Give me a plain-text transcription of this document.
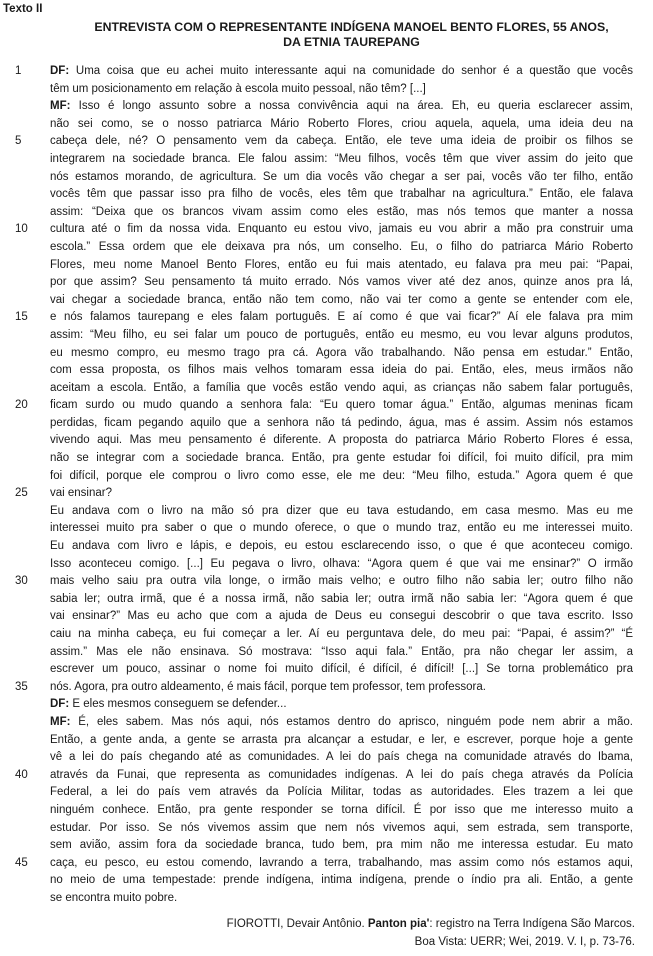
Texto II
ENTREVISTA COM O REPRESENTANTE INDÍGENA MANOEL BENTO FLORES, 55 ANOS,
DA ETNIA TAUREPANG
1	DF: Uma coisa que eu achei muito interessante aqui na comunidade do senhor é a questão que vocês
têm um posicionamento em relação à escola muito pessoal, não têm? [...]
MF: Isso é longo assunto sobre a nossa convivência aqui na área. Eh, eu queria esclarecer assim,
não sei como, se o nosso patriarca Mário Roberto Flores, criou aquela, aquela, uma ideia deu na
5	cabeça dele, né? O pensamento vem da cabeça. Então, ele teve uma ideia de proibir os filhos se
integrarem na sociedade branca. Ele falou assim: “Meu filhos, vocês têm que viver assim do jeito que
nós estamos morando, de agricultura. Se um dia vocês vão chegar a ser pai, vocês vão ter filho, então
vocês têm que passar isso pra filho de vocês, eles têm que trabalhar na agricultura.” Então, ele falava
assim: “Deixa que os brancos vivam assim como eles estão, mas nós temos que manter a nossa
10 cultura até o fim da nossa vida. Enquanto eu estou vivo, jamais eu vou abrir a mão pra construir uma
escola.” Essa ordem que ele deixava pra nós, um conselho. Eu, o filho do patriarca Mário Roberto
Flores, meu nome Manoel Bento Flores, então eu fui mais atentado, eu falava pra meu pai: “Papai,
por que assim? Seu pensamento tá muito errado. Nós vamos viver até dez anos, quinze anos pra lá,
vai chegar a sociedade branca, então não tem como, não vai ter como a gente se entender com ele,
15 e nós falamos taurepang e eles falam português. E aí como é que vai ficar?” Aí ele falava pra mim
assim: “Meu filho, eu sei falar um pouco de português, então eu mesmo, eu vou levar alguns produtos,
eu mesmo compro, eu mesmo trago pra cá. Agora vão trabalhando. Não pensa em estudar.” Então,
com essa proposta, os filhos mais velhos tomaram essa ideia do pai. Então, eles, meus irmãos não
aceitam a escola. Então, a família que vocês estão vendo aqui, as crianças não sabem falar português,
20 ficam surdo ou mudo quando a senhora fala: “Eu quero tomar água.” Então, algumas meninas ficam
perdidas, ficam pegando aquilo que a senhora não tá pedindo, água, mas é assim. Assim nós estamos
vivendo aqui. Mas meu pensamento é diferente. A proposta do patriarca Mário Roberto Flores é essa,
não se integrar com a sociedade branca. Então, pra gente estudar foi difícil, foi muito difícil, pra mim
foi difícil, porque ele comprou o livro como esse, ele me deu: “Meu filho, estuda.” Agora quem é que
25 vai ensinar?
Eu andava com o livro na mão só pra dizer que eu tava estudando, em casa mesmo. Mas eu me
interessei muito pra saber o que o mundo oferece, o que o mundo traz, então eu me interessei muito.
Eu andava com livro e lápis, e depois, eu estou esclarecendo isso, o que é que aconteceu comigo.
Isso aconteceu comigo. [...] Eu pegava o livro, olhava: “Agora quem é que vai me ensinar?” O irmão
30 mais velho saiu pra outra vila longe, o irmão mais velho; e outro filho não sabia ler; outro filho não
sabia ler; outra irmã, que é a nossa irmã, não sabia ler; outra irmã não sabia ler: “Agora quem é que
vai ensinar?” Mas eu acho que com a ajuda de Deus eu consegui descobrir o que tava escrito. Isso
caiu na minha cabeça, eu fui começar a ler. Aí eu perguntava dele, do meu pai: “Papai, é assim?” “É
assim.” Mas ele não ensinava. Só mostrava: “Isso aqui fala.” Então, pra não chegar ler assim, a
escrever um pouco, assinar o nome foi muito difícil, é difícil, é difícil! [...] Se torna problemático pra
35 nós. Agora, pra outro aldeamento, é mais fácil, porque tem professor, tem professora.
DF: E eles mesmos conseguem se defender...
MF: É, eles sabem. Mas nós aqui, nós estamos dentro do aprisco, ninguém pode nem abrir a mão.
Então, a gente anda, a gente se arrasta pra alcançar a estudar, e ler, e escrever, porque hoje a gente
vê a lei do país chegando até as comunidades. A lei do país chega na comunidade através do Ibama,
40 através da Funai, que representa as comunidades indígenas. A lei do país chega através da Polícia
Federal, a lei do país vem através da Polícia Militar, todas as autoridades. Eles trazem a lei que
ninguém conhece. Então, pra gente responder se torna difícil. É por isso que me interesso muito a
estudar. Por isso. Se nós vivemos assim que nem nós vivemos aqui, sem estrada, sem transporte,
sem avião, assim fora da sociedade branca, tudo bem, pra mim não me interessa estudar. Eu mato
45 caça, eu pesco, eu estou comendo, lavrando a terra, trabalhando, mas assim como nós estamos aqui,
no meio de uma tempestade: prende indígena, intima indígena, prende o índio pra ali. Então, a gente
se encontra muito pobre.
FIOROTTI, Devair Antônio. Panton pia': registro na Terra Indígena São Marcos.
Boa Vista: UERR; Wei, 2019. V. I, p. 73-76.
